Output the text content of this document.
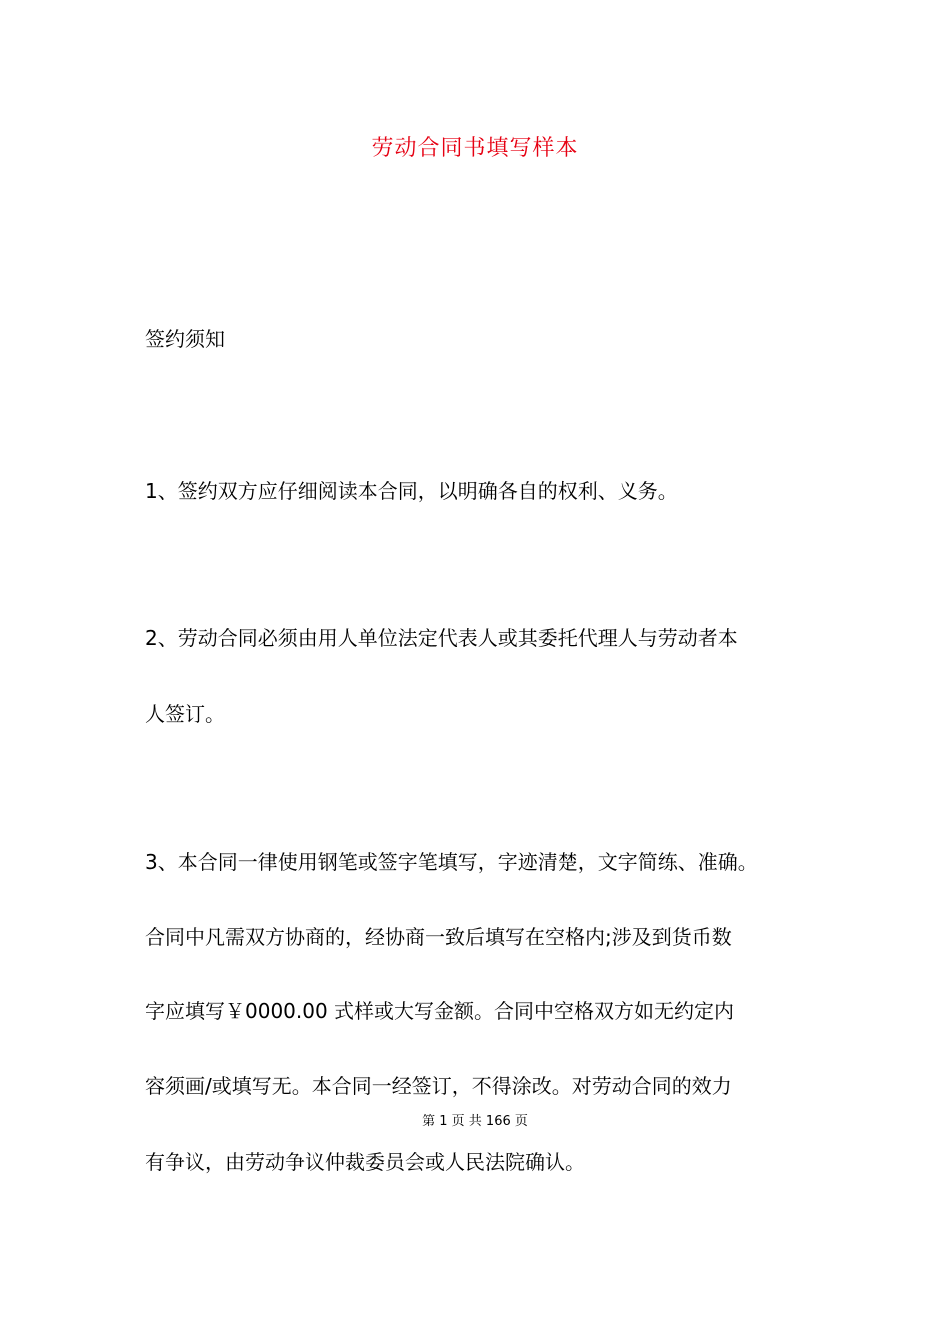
劳动合同书填写样本
签约须知
1、签约双方应仔细阅读本合同，以明确各自的权利、义务。
2、劳动合同必须由用人单位法定代表人或其委托代理人与劳动者本
人签订。
3、本合同一律使用钢笔或签字笔填写，字迹清楚，文字简练、准确。
合同中凡需双方协商的，经协商一致后填写在空格内;涉及到货币数
字应填写￥0000.00 式样或大写金额。合同中空格双方如无约定内
容须画/或填写无。本合同一经签订，不得涂改。对劳动合同的效力
第 1 页 共 166 页
有争议，由劳动争议仲裁委员会或人民法院确认。
